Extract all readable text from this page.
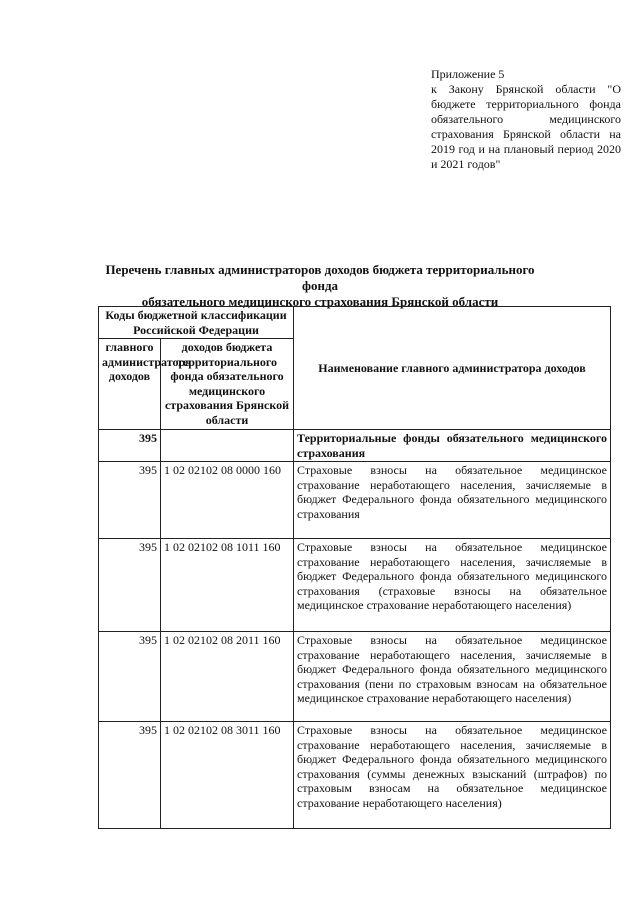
Приложение 5
к Закону Брянской области "О бюджете территориального фонда обязательного медицинского страхования Брянской области на 2019 год и на плановый период 2020 и 2021 годов"
Перечень главных администраторов доходов бюджета территориального фонда
обязательного медицинского страхования Брянской области
Коды бюджетной классификации Российской Федерации		Наименование главного администратора доходов
главного администратора доходов	доходов бюджета территориального фонда обязательного медицинского страхования Брянской области	
395		Территориальные фонды обязательного медицинского страхования
395	1 02 02102 08 0000 160	Страховые взносы на обязательное медицинское страхование неработающего населения, зачисляемые в бюджет Федерального фонда обязательного медицинского страхования
395	1 02 02102 08 1011 160	Страховые взносы на обязательное медицинское страхование неработающего населения, зачисляемые в бюджет Федерального фонда обязательного медицинского страхования (страховые взносы на обязательное медицинское страхование неработающего населения)
395	1 02 02102 08 2011 160	Страховые взносы на обязательное медицинское страхование неработающего населения, зачисляемые в бюджет Федерального фонда обязательного медицинского страхования (пени по страховым взносам на обязательное медицинское страхование неработающего населения)
395	1 02 02102 08 3011 160	Страховые взносы на обязательное медицинское страхование неработающего населения, зачисляемые в бюджет Федерального фонда обязательного медицинского страхования (суммы денежных взысканий (штрафов) по страховым взносам на обязательное медицинское страхование неработающего населения)
